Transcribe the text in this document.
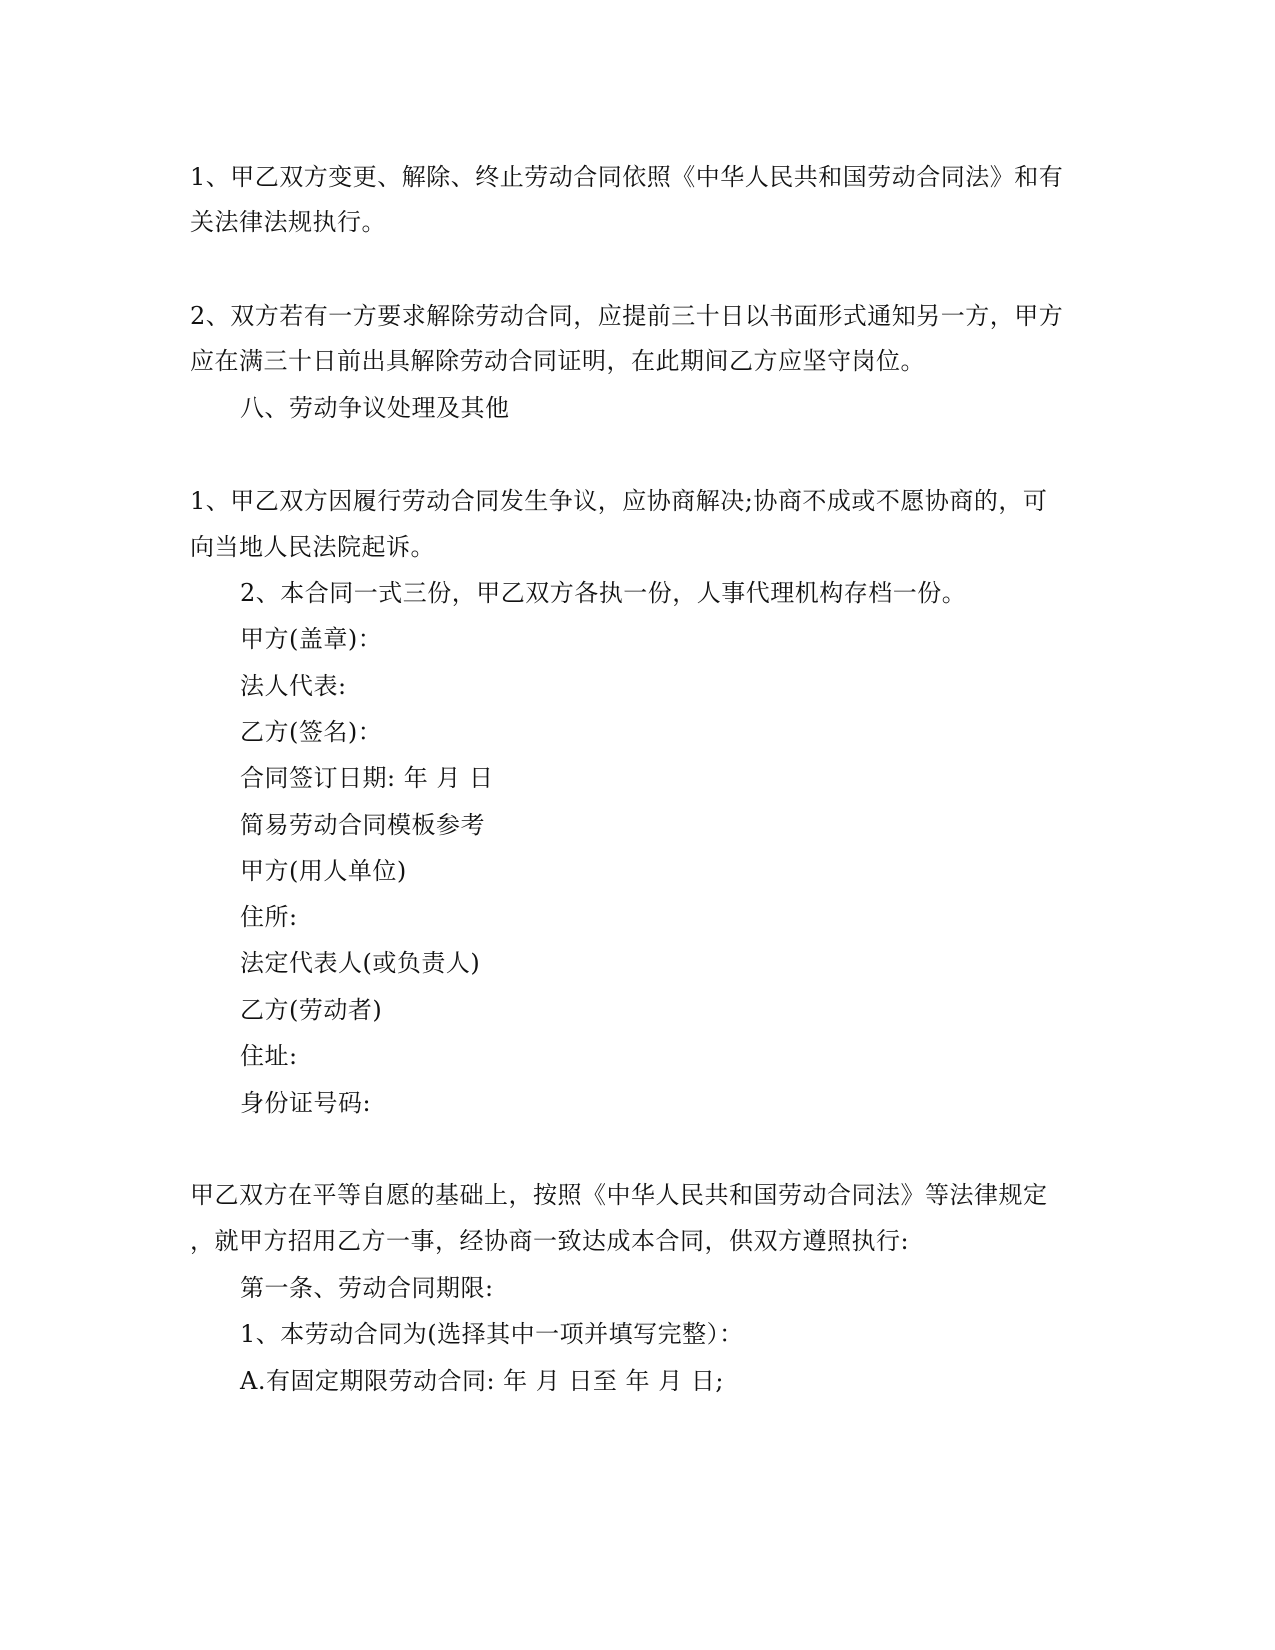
1、甲乙双方变更、解除、终止劳动合同依照《中华人民共和国劳动合同法》和有
关法律法规执行。
2、双方若有一方要求解除劳动合同，应提前三十日以书面形式通知另一方，甲方
应在满三十日前出具解除劳动合同证明，在此期间乙方应坚守岗位。
八、劳动争议处理及其他
1、甲乙双方因履行劳动合同发生争议，应协商解决;协商不成或不愿协商的，可
向当地人民法院起诉。
2、本合同一式三份，甲乙双方各执一份，人事代理机构存档一份。
甲方(盖章)：
法人代表:
乙方(签名)：
合同签订日期: 年 月 日
简易劳动合同模板参考
甲方(用人单位)
住所:
法定代表人(或负责人)
乙方(劳动者)
住址:
身份证号码:
甲乙双方在平等自愿的基础上，按照《中华人民共和国劳动合同法》等法律规定
，就甲方招用乙方一事，经协商一致达成本合同，供双方遵照执行:
第一条、劳动合同期限:
1、本劳动合同为(选择其中一项并填写完整）：
A.有固定期限劳动合同: 年 月 日至 年 月 日;
